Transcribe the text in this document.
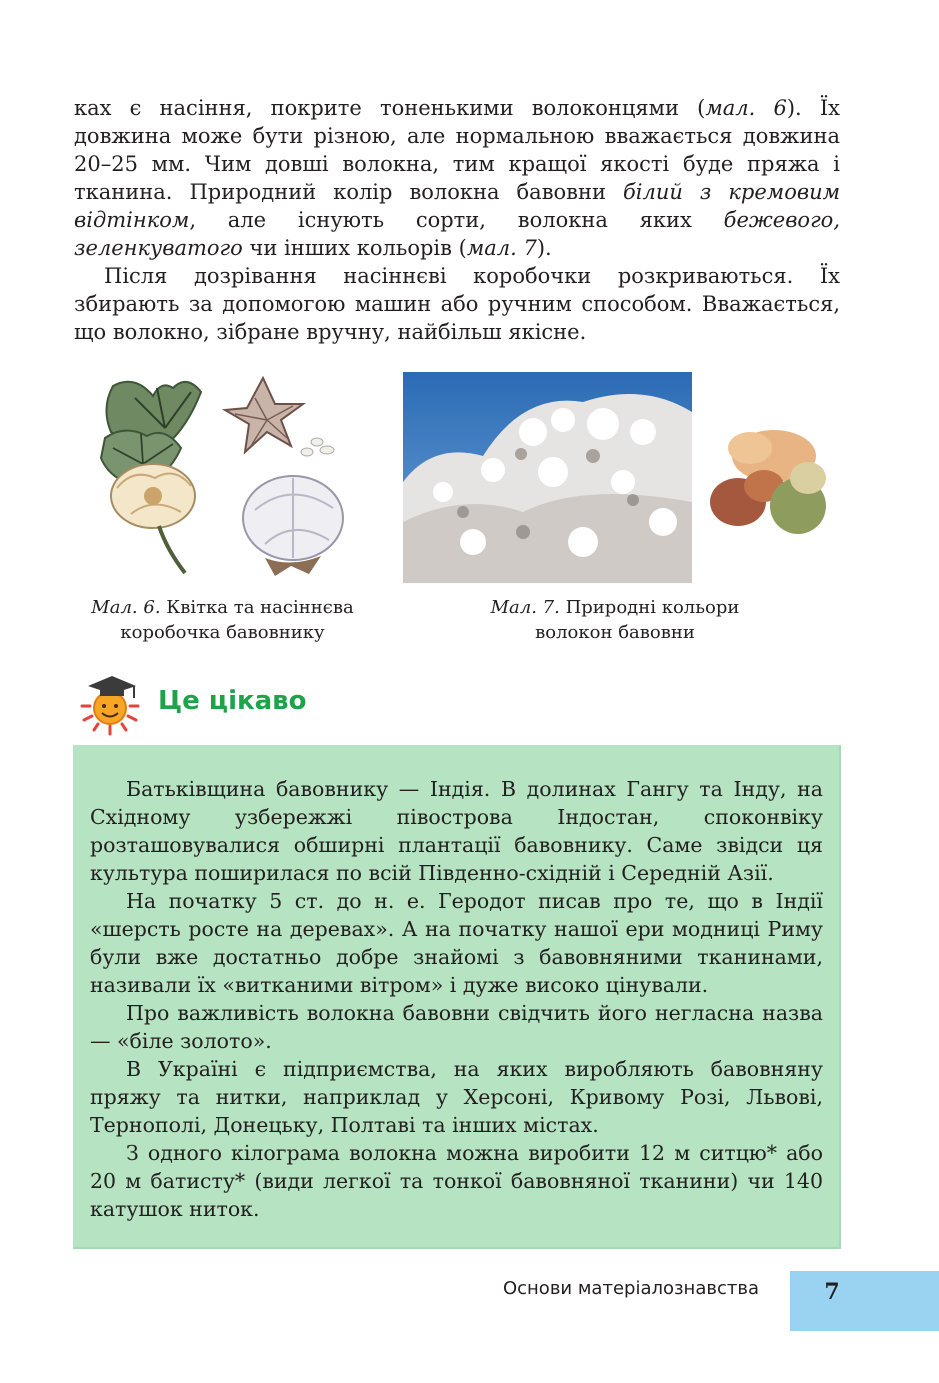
ках є насіння, покрите тоненькими волоконцями (мал. 6). Їх довжина може бути різною, але нормальною вважається довжина 20–25 мм. Чим довші волокна, тим кращої якості буде пряжа і тканина. Природний колір волокна бавовни білий з кремовим відтінком, але існують сорти, волокна яких бежевого, зеленкуватого чи інших кольорів (мал. 7).

Після дозрівання насіннєві коробочки розкриваються. Їх збирають за допомогою машин або ручним способом. Вважається, що волокно, зібране вручну, найбільш якісне.

Мал. 6. Квітка та насіннєва
коробочка бавовнику
Мал. 7. Природні кольори
волокон бавовни
Це цікаво

Батьківщина бавовнику — Індія. В долинах Гангу та Інду, на Східному узбережжі півострова Індостан, споконвіку розташовувалися обширні плантації бавовнику. Саме звідси ця культура поширилася по всій Південно-східній і Середній Азії.

На початку 5 ст. до н. е. Геродот писав про те, що в Індії «шерсть росте на деревах». А на початку нашої ери модниці Риму були вже достатньо добре знайомі з бавовняними тканинами, називали їх «витканими вітром» і дуже високо цінували.

Про важливість волокна бавовни свідчить його негласна назва — «біле золото».

В Україні є підприємства, на яких виробляють бавовняну пряжу та нитки, наприклад у Херсоні, Кривому Розі, Львові, Тернополі, Донецьку, Полтаві та інших містах.

З одного кілограма волокна можна виробити 12 м ситцю* або 20 м батисту* (види легкої та тонкої бавовняної тканини) чи 140 катушок ниток.

Основи матеріалознавства	7
